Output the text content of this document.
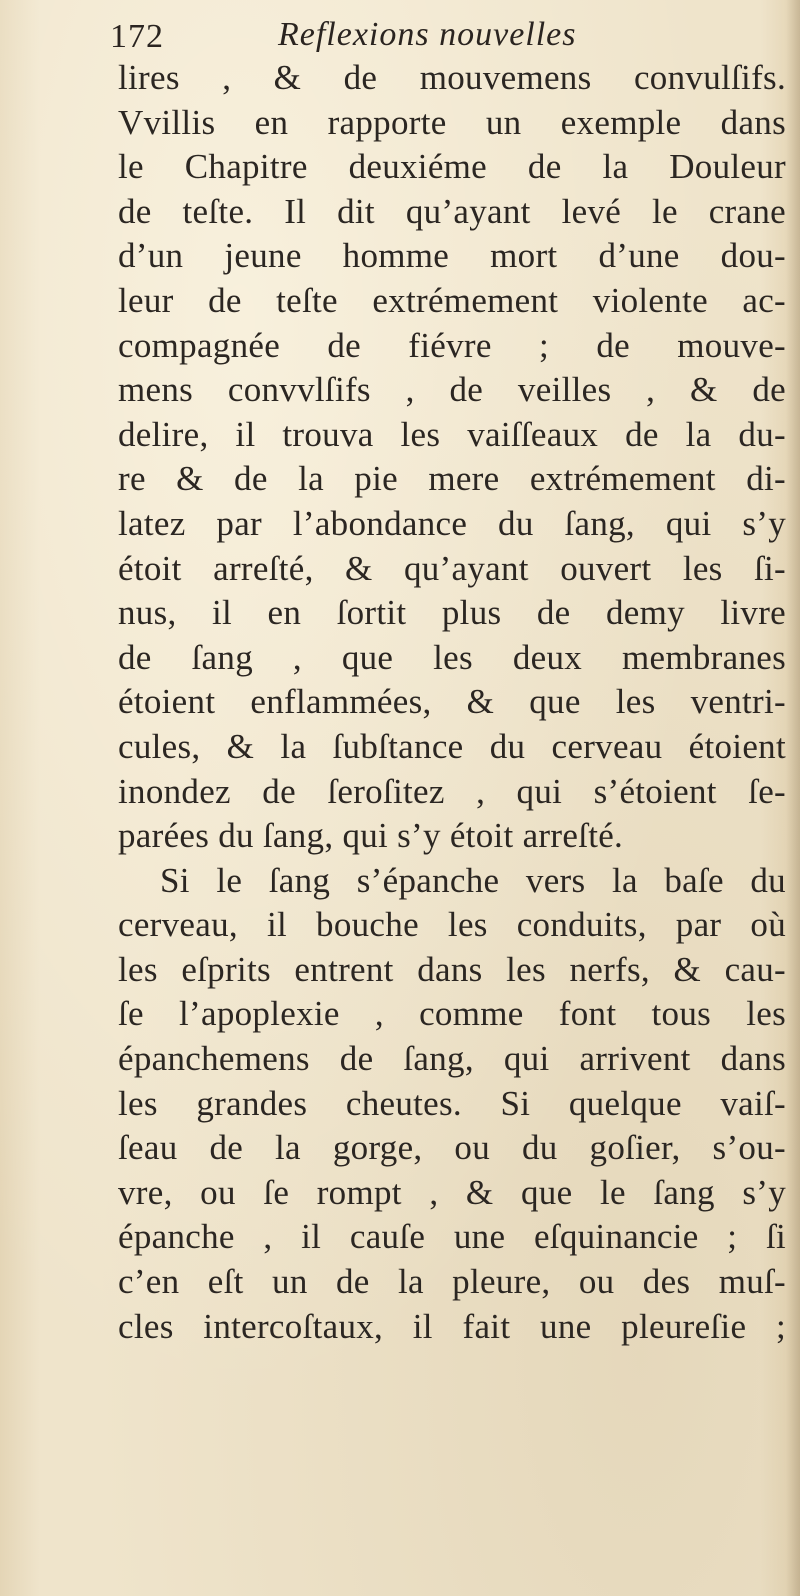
172	Reflexions nouvelles
lires , & de mouvemens convulſifs.
Vvillis en rapporte un exemple dans
le Chapitre deuxiéme de la Douleur
de teſte. Il dit qu’ayant levé le crane
d’un jeune homme mort d’une dou-
leur de teſte extrémement violente ac-
compagnée de fiévre ; de mouve-
mens convvlſifs , de veilles , & de
delire, il trouva les vaiſſeaux de la du-
re & de la pie mere extrémement di-
latez par l’abondance du ſang, qui s’y
étoit arreſté, & qu’ayant ouvert les ſi-
nus, il en ſortit plus de demy livre
de ſang , que les deux membranes
étoient enflammées, & que les ventri-
cules, & la ſubſtance du cerveau étoient
inondez de ſeroſitez , qui s’étoient ſe-
parées du ſang, qui s’y étoit arreſté.
Si le ſang s’épanche vers la baſe du
cerveau, il bouche les conduits, par où
les eſprits entrent dans les nerfs, & cau-
ſe l’apoplexie , comme font tous les
épanchemens de ſang, qui arrivent dans
les grandes cheutes. Si quelque vaiſ-
ſeau de la gorge, ou du goſier, s’ou-
vre, ou ſe rompt , & que le ſang s’y
épanche , il cauſe une eſquinancie ; ſi
c’en eſt un de la pleure, ou des muſ-
cles intercoſtaux, il fait une pleureſie ;
